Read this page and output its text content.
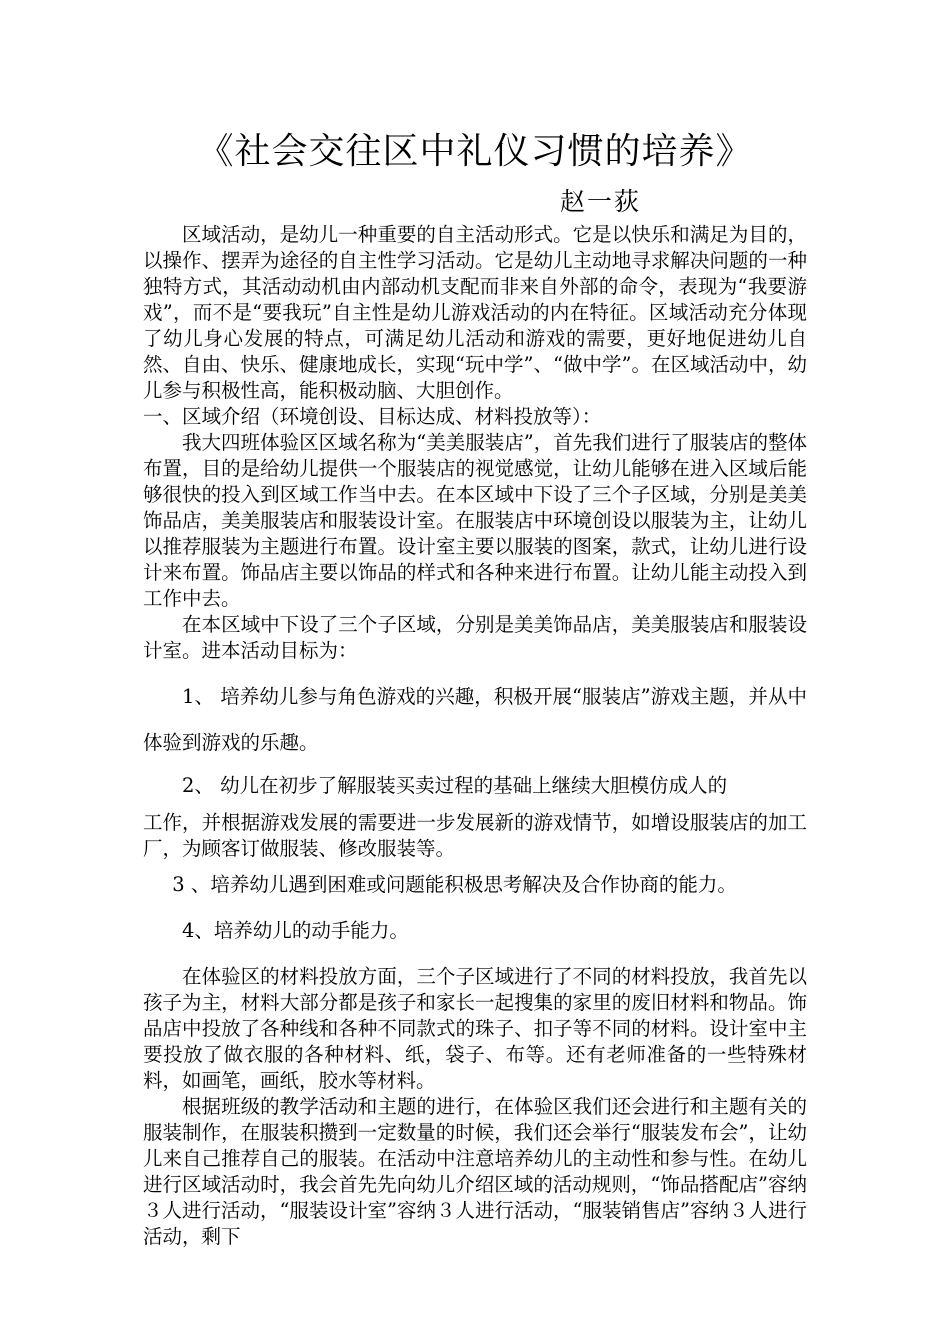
《社会交往区中礼仪习惯的培养》
赵一荻

区域活动，是幼儿一种重要的自主活动形式。它是以快乐和满足为目的，以操作、摆弄为途径的自主性学习活动。它是幼儿主动地寻求解决问题的一种独特方式，其活动动机由内部动机支配而非来自外部的命令，表现为“我要游戏”，而不是“要我玩”自主性是幼儿游戏活动的内在特征。区域活动充分体现了幼儿身心发展的特点，可满足幼儿活动和游戏的需要，更好地促进幼儿自然、自由、快乐、健康地成长，实现“玩中学”、“做中学”。在区域活动中，幼儿参与积极性高，能积极动脑、大胆创作。

一、区域介绍（环境创设、目标达成、材料投放等）：

我大四班体验区区域名称为“美美服装店”，首先我们进行了服装店的整体布置，目的是给幼儿提供一个服装店的视觉感觉，让幼儿能够在进入区域后能够很快的投入到区域工作当中去。在本区域中下设了三个子区域，分别是美美饰品店，美美服装店和服装设计室。在服装店中环境创设以服装为主，让幼儿以推荐服装为主题进行布置。设计室主要以服装的图案，款式，让幼儿进行设计来布置。饰品店主要以饰品的样式和各种来进行布置。让幼儿能主动投入到工作中去。

在本区域中下设了三个子区域，分别是美美饰品店，美美服装店和服装设计室。进本活动目标为：

1、 培养幼儿参与角色游戏的兴趣，积极开展“服装店”游戏主题，并从中体验到游戏的乐趣。

2、 幼儿在初步了解服装买卖过程的基础上继续大胆模仿成人的

工作，并根据游戏发展的需要进一步发展新的游戏情节，如增设服装店的加工厂，为顾客订做服装、修改服装等。

3 、培养幼儿遇到困难或问题能积极思考解决及合作协商的能力。

4、培养幼儿的动手能力。

在体验区的材料投放方面，三个子区域进行了不同的材料投放，我首先以孩子为主，材料大部分都是孩子和家长一起搜集的家里的废旧材料和物品。饰品店中投放了各种线和各种不同款式的珠子、扣子等不同的材料。设计室中主要投放了做衣服的各种材料、纸，袋子、布等。还有老师准备的一些特殊材料，如画笔，画纸，胶水等材料。

根据班级的教学活动和主题的进行，在体验区我们还会进行和主题有关的服装制作，在服装积攒到一定数量的时候，我们还会举行“服装发布会”，让幼儿来自己推荐自己的服装。在活动中注意培养幼儿的主动性和参与性。在幼儿进行区域活动时，我会首先先向幼儿介绍区域的活动规则，“饰品搭配店”容纳３人进行活动，“服装设计室”容纳３人进行活动，“服装销售店”容纳３人进行活动，剩下
